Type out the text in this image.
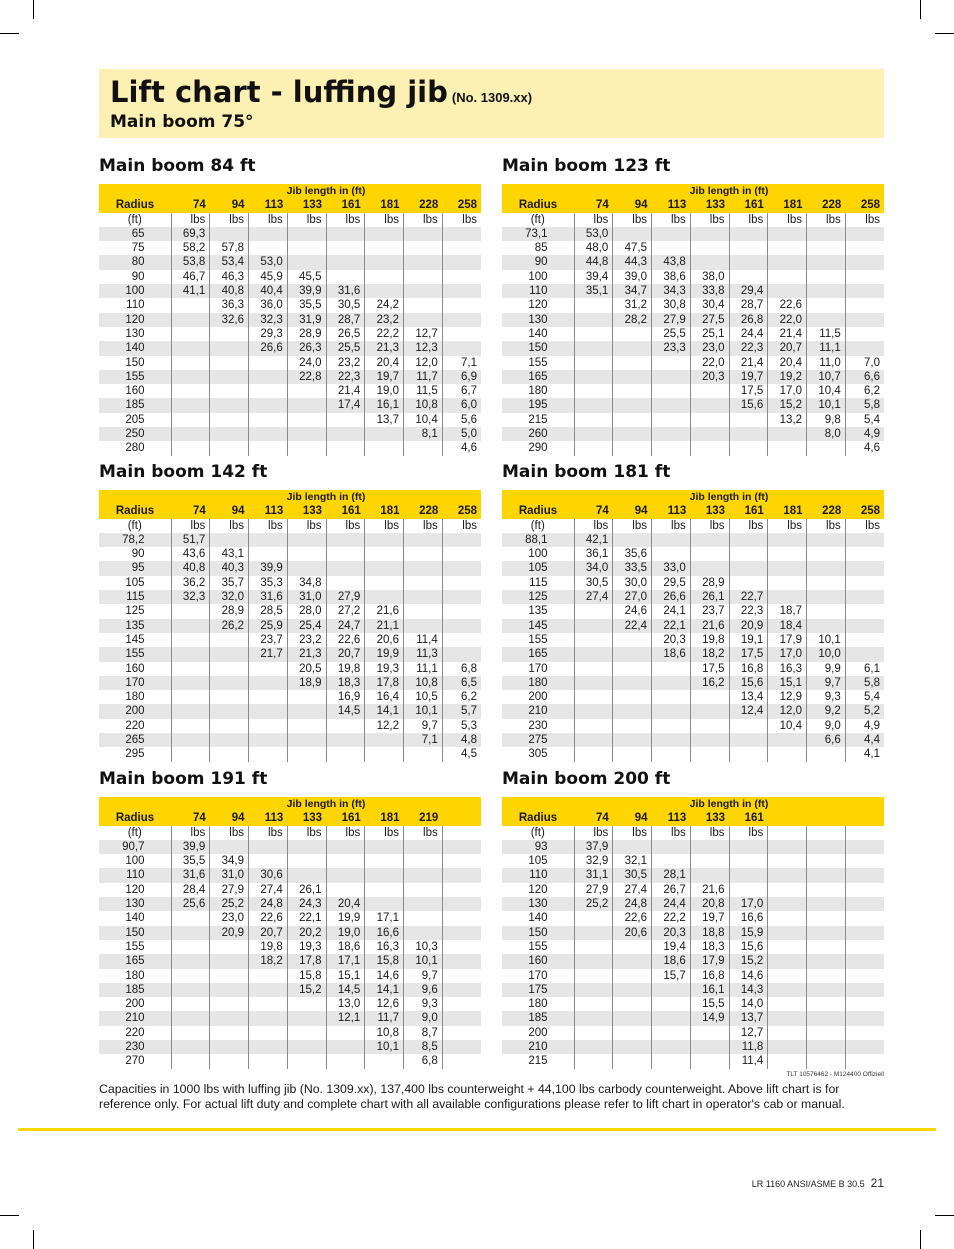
Lift chart - luffing jib (No. 1309.xx)
Main boom 75°
Main boom 84 ft
	Jib length in (ft)							
Radius	74	94	113	133	161	181	228	258
(ft)	lbs	lbs	lbs	lbs	lbs	lbs	lbs	lbs
65	69,3							
75	58,2	57,8						
80	53,8	53,4	53,0					
90	46,7	46,3	45,9	45,5				
100	41,1	40,8	40,4	39,9	31,6			
110		36,3	36,0	35,5	30,5	24,2		
120		32,6	32,3	31,9	28,7	23,2		
130			29,3	28,9	26,5	22,2	12,7	
140			26,6	26,3	25,5	21,3	12,3	
150				24,0	23,2	20,4	12,0	7,1
155				22,8	22,3	19,7	11,7	6,9
160					21,4	19,0	11,5	6,7
185					17,4	16,1	10,8	6,0
205						13,7	10,4	5,6
250							8,1	5,0
280								4,6
Main boom 123 ft
	Jib length in (ft)							
Radius	74	94	113	133	161	181	228	258
(ft)	lbs	lbs	lbs	lbs	lbs	lbs	lbs	lbs
73,1	53,0							
85	48,0	47,5						
90	44,8	44,3	43,8					
100	39,4	39,0	38,6	38,0				
110	35,1	34,7	34,3	33,8	29,4			
120		31,2	30,8	30,4	28,7	22,6		
130		28,2	27,9	27,5	26,8	22,0		
140			25,5	25,1	24,4	21,4	11,5	
150			23,3	23,0	22,3	20,7	11,1	
155				22,0	21,4	20,4	11,0	7,0
165				20,3	19,7	19,2	10,7	6,6
180					17,5	17,0	10,4	6,2
195					15,6	15,2	10,1	5,8
215						13,2	9,8	5,4
260							8,0	4,9
290								4,6
Main boom 142 ft
	Jib length in (ft)							
Radius	74	94	113	133	161	181	228	258
(ft)	lbs	lbs	lbs	lbs	lbs	lbs	lbs	lbs
78,2	51,7							
90	43,6	43,1						
95	40,8	40,3	39,9					
105	36,2	35,7	35,3	34,8				
115	32,3	32,0	31,6	31,0	27,9			
125		28,9	28,5	28,0	27,2	21,6		
135		26,2	25,9	25,4	24,7	21,1		
145			23,7	23,2	22,6	20,6	11,4	
155			21,7	21,3	20,7	19,9	11,3	
160				20,5	19,8	19,3	11,1	6,8
170				18,9	18,3	17,8	10,8	6,5
180					16,9	16,4	10,5	6,2
200					14,5	14,1	10,1	5,7
220						12,2	9,7	5,3
265							7,1	4,8
295								4,5
Main boom 181 ft
	Jib length in (ft)							
Radius	74	94	113	133	161	181	228	258
(ft)	lbs	lbs	lbs	lbs	lbs	lbs	lbs	lbs
88,1	42,1							
100	36,1	35,6						
105	34,0	33,5	33,0					
115	30,5	30,0	29,5	28,9				
125	27,4	27,0	26,6	26,1	22,7			
135		24,6	24,1	23,7	22,3	18,7		
145		22,4	22,1	21,6	20,9	18,4		
155			20,3	19,8	19,1	17,9	10,1	
165			18,6	18,2	17,5	17,0	10,0	
170				17,5	16,8	16,3	9,9	6,1
180				16,2	15,6	15,1	9,7	5,8
200					13,4	12,9	9,3	5,4
210					12,4	12,0	9,2	5,2
230						10,4	9,0	4,9
275							6,6	4,4
305								4,1
Main boom 191 ft
	Jib length in (ft)							
Radius	74	94	113	133	161	181	219	
(ft)	lbs	lbs	lbs	lbs	lbs	lbs	lbs	
90,7	39,9							
100	35,5	34,9						
110	31,6	31,0	30,6					
120	28,4	27,9	27,4	26,1				
130	25,6	25,2	24,8	24,3	20,4			
140		23,0	22,6	22,1	19,9	17,1		
150		20,9	20,7	20,2	19,0	16,6		
155			19,8	19,3	18,6	16,3	10,3	
165			18,2	17,8	17,1	15,8	10,1	
180				15,8	15,1	14,6	9,7	
185				15,2	14,5	14,1	9,6	
200					13,0	12,6	9,3	
210					12,1	11,7	9,0	
220						10,8	8,7	
230						10,1	8,5	
270							6,8	
Main boom 200 ft
	Jib length in (ft)							
Radius	74	94	113	133	161			
(ft)	lbs	lbs	lbs	lbs	lbs			
93	37,9							
105	32,9	32,1						
110	31,1	30,5	28,1					
120	27,9	27,4	26,7	21,6				
130	25,2	24,8	24,4	20,8	17,0			
140		22,6	22,2	19,7	16,6			
150		20,6	20,3	18,8	15,9			
155			19,4	18,3	15,6			
160			18,6	17,9	15,2			
170			15,7	16,8	14,6			
175				16,1	14,3			
180				15,5	14,0			
185				14,9	13,7			
200					12,7			
210					11,8			
215					11,4			
TLT 10576462 - M124400 Offiziell
Capacities in 1000 lbs with luffing jib (No. 1309.xx), 137,400 lbs counterweight + 44,100 lbs carbody counterweight. Above lift chart is for reference only. For actual lift duty and complete chart with all available configurations please refer to lift chart in operator's cab or manual.
LR 1160 ANSI/ASME B 30.5 21
